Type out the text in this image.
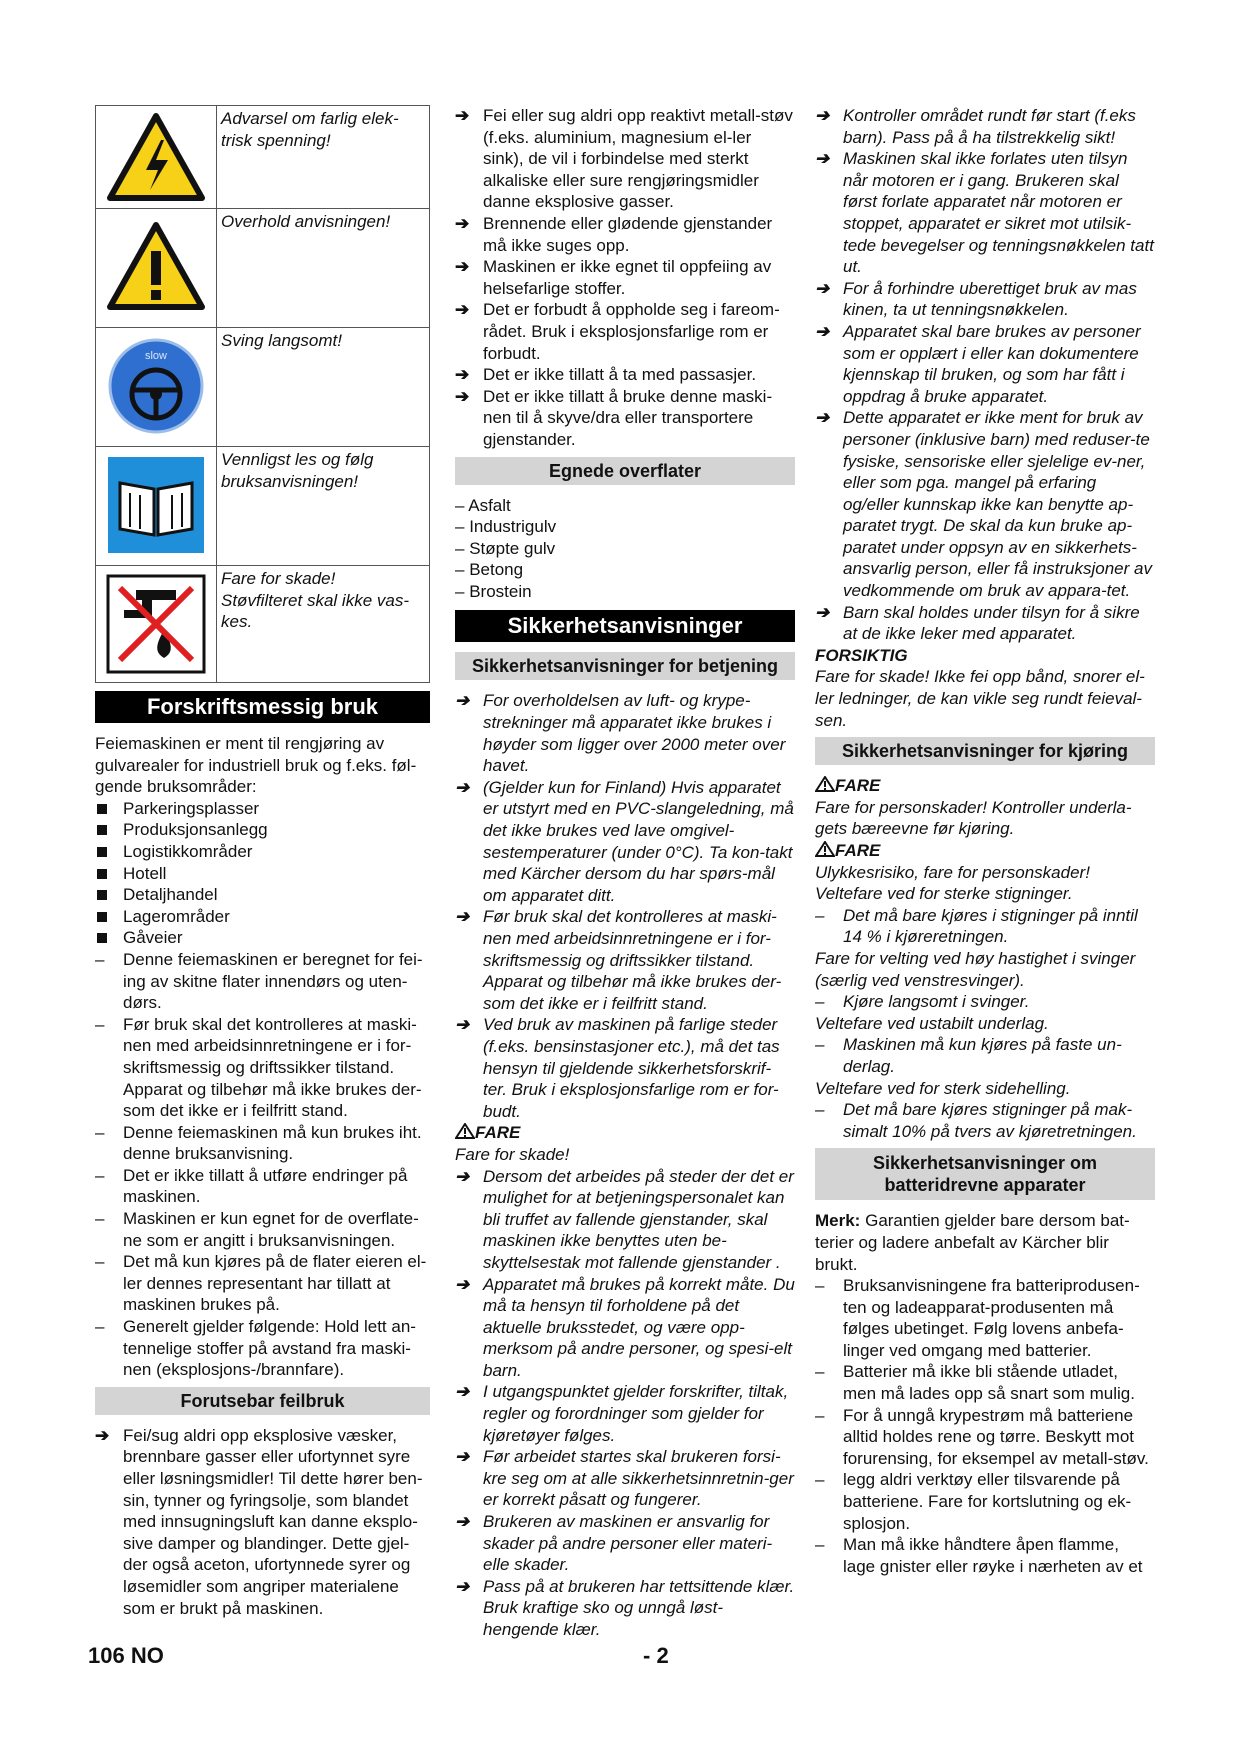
	Advarsel om farlig elek-
trisk spenning!
	Overhold anvisningen!

slow	Sving langsomt!
	Vennligst les og følg
bruksanvisningen!
	Fare for skade!
Støvfilteret skal ikke vas-
kes.
Forskriftsmessig bruk

Feiemaskinen er ment til rengjøring av gulvarealer for industriell bruk og f.eks. føl-gende bruksområder:

Parkeringsplasser
Produksjonsanlegg
Logistikkområder
Hotell
Detaljhandel
Lagerområder
Gåveier
– Denne feiemaskinen er beregnet for fei-ing av skitne flater innendørs og uten-dørs.
– Før bruk skal det kontrolleres at maski-nen med arbeidsinnretningene er i for-skriftsmessig og driftssikker tilstand. Apparat og tilbehør må ikke brukes der-som det ikke er i feilfritt stand.
– Denne feiemaskinen må kun brukes iht. denne bruksanvisning.
– Det er ikke tillatt å utføre endringer på maskinen.
– Maskinen er kun egnet for de overflate-ne som er angitt i bruksanvisningen.
– Det må kun kjøres på de flater eieren el-ler dennes representant har tillatt at maskinen brukes på.
– Generelt gjelder følgende: Hold lett an-tennelige stoffer på avstand fra maski-nen (eksplosjons-/brannfare).
Forutsebar feilbruk
➔ Fei/sug aldri opp eksplosive væsker, brennbare gasser eller ufortynnet syre eller løsningsmidler! Til dette hører ben-sin, tynner og fyringsolje, som blandet med innsugningsluft kan danne eksplo-sive damper og blandinger. Dette gjel-der også aceton, ufortynnede syrer og løsemidler som angriper materialene som er brukt på maskinen.
➔ Fei eller sug aldri opp reaktivt metall-støv (f.eks. aluminium, magnesium el-ler sink), de vil i forbindelse med sterkt alkaliske eller sure rengjøringsmidler danne eksplosive gasser.
➔ Brennende eller glødende gjenstander må ikke suges opp.
➔ Maskinen er ikke egnet til oppfeiing av helsefarlige stoffer.
➔ Det er forbudt å oppholde seg i fareom-rådet. Bruk i eksplosjonsfarlige rom er forbudt.
➔ Det er ikke tillatt å ta med passasjer.
➔ Det er ikke tillatt å bruke denne maski-nen til å skyve/dra eller transportere gjenstander.
Egnede overflater
– Asfalt
– Industrigulv
– Støpte gulv
– Betong
– Brostein
Sikkerhetsanvisninger
Sikkerhetsanvisninger for betjening
➔ For overholdelsen av luft- og krype-strekninger må apparatet ikke brukes i høyder som ligger over 2000 meter over havet.
➔ (Gjelder kun for Finland) Hvis apparatet er utstyrt med en PVC-slangeledning, må det ikke brukes ved lave omgivel-sestemperaturer (under 0°C). Ta kon-takt med Kärcher dersom du har spørs-mål om apparatet ditt.
➔ Før bruk skal det kontrolleres at maski-nen med arbeidsinnretningene er i for-skriftsmessig og driftssikker tilstand. Apparat og tilbehør må ikke brukes der-som det ikke er i feilfritt stand.
➔ Ved bruk av maskinen på farlige steder (f.eks. bensinstasjoner etc.), må det tas hensyn til gjeldende sikkerhetsforskrif-ter. Bruk i eksplosjonsfarlige rom er for-budt.
FARE

Fare for skade!

➔ Dersom det arbeides på steder der det er mulighet for at betjeningspersonalet kan bli truffet av fallende gjenstander, skal maskinen ikke benyttes uten be-skyttelsestak mot fallende gjenstander .
➔ Apparatet må brukes på korrekt måte. Du må ta hensyn til forholdene på det aktuelle bruksstedet, og være opp-merksom på andre personer, og spesi-elt barn.
➔ I utgangspunktet gjelder forskrifter, tiltak, regler og forordninger som gjelder for kjøretøyer følges.
➔ Før arbeidet startes skal brukeren forsi-kre seg om at alle sikkerhetsinnretnin-ger er korrekt påsatt og fungerer.
➔ Brukeren av maskinen er ansvarlig for skader på andre personer eller materi-elle skader.
➔ Pass på at brukeren har tettsittende klær. Bruk kraftige sko og unngå løst-hengende klær.
➔ Kontroller området rundt før start (f.eks barn). Pass på å ha tilstrekkelig sikt!
➔ Maskinen skal ikke forlates uten tilsyn når motoren er i gang. Brukeren skal først forlate apparatet når motoren er stoppet, apparatet er sikret mot utilsik-tede bevegelser og tenningsnøkkelen tatt ut.
➔ For å forhindre uberettiget bruk av mas kinen, ta ut tenningsnøkkelen.
➔ Apparatet skal bare brukes av personer som er opplært i eller kan dokumentere kjennskap til bruken, og som har fått i oppdrag å bruke apparatet.
➔ Dette apparatet er ikke ment for bruk av personer (inklusive barn) med reduser-te fysiske, sensoriske eller sjelelige ev-ner, eller som pga. mangel på erfaring og/eller kunnskap ikke kan benytte ap-paratet trygt. De skal da kun bruke ap-paratet under oppsyn av en sikkerhets-ansvarlig person, eller få instruksjoner av vedkommende om bruk av appara-tet.
➔ Barn skal holdes under tilsyn for å sikre at de ikke leker med apparatet.
FORSIKTIG

Fare for skade! Ikke fei opp bånd, snorer el-ler ledninger, de kan vikle seg rundt feieval-sen.

Sikkerhetsanvisninger for kjøring
FARE

Fare for personskader! Kontroller underla-gets bæreevne før kjøring.

FARE

Ulykkesrisiko, fare for personskader!

Veltefare ved for sterke stigninger.

– Det må bare kjøres i stigninger på inntil 14 % i kjøreretningen.

Fare for velting ved høy hastighet i svinger (særlig ved venstresvinger).

– Kjøre langsomt i svinger.

Veltefare ved ustabilt underlag.

– Maskinen må kun kjøres på faste un-derlag.

Veltefare ved for sterk sidehelling.

– Det må bare kjøres stigninger på mak-simalt 10% på tvers av kjøretretningen.
Sikkerhetsanvisninger om batteridrevne apparater

Merk: Garantien gjelder bare dersom bat-terier og ladere anbefalt av Kärcher blir brukt.

– Bruksanvisningene fra batteriprodusen-ten og ladeapparat-produsenten må følges ubetinget. Følg lovens anbefa-linger ved omgang med batterier.
– Batterier må ikke bli stående utladet, men må lades opp så snart som mulig.
– For å unngå krypestrøm må batteriene alltid holdes rene og tørre. Beskytt mot forurensing, for eksempel av metall-støv.
– legg aldri verktøy eller tilsvarende på batteriene. Fare for kortslutning og ek-splosjon.
– Man må ikke håndtere åpen flamme, lage gnister eller røyke i nærheten av et
106 NO	- 2
